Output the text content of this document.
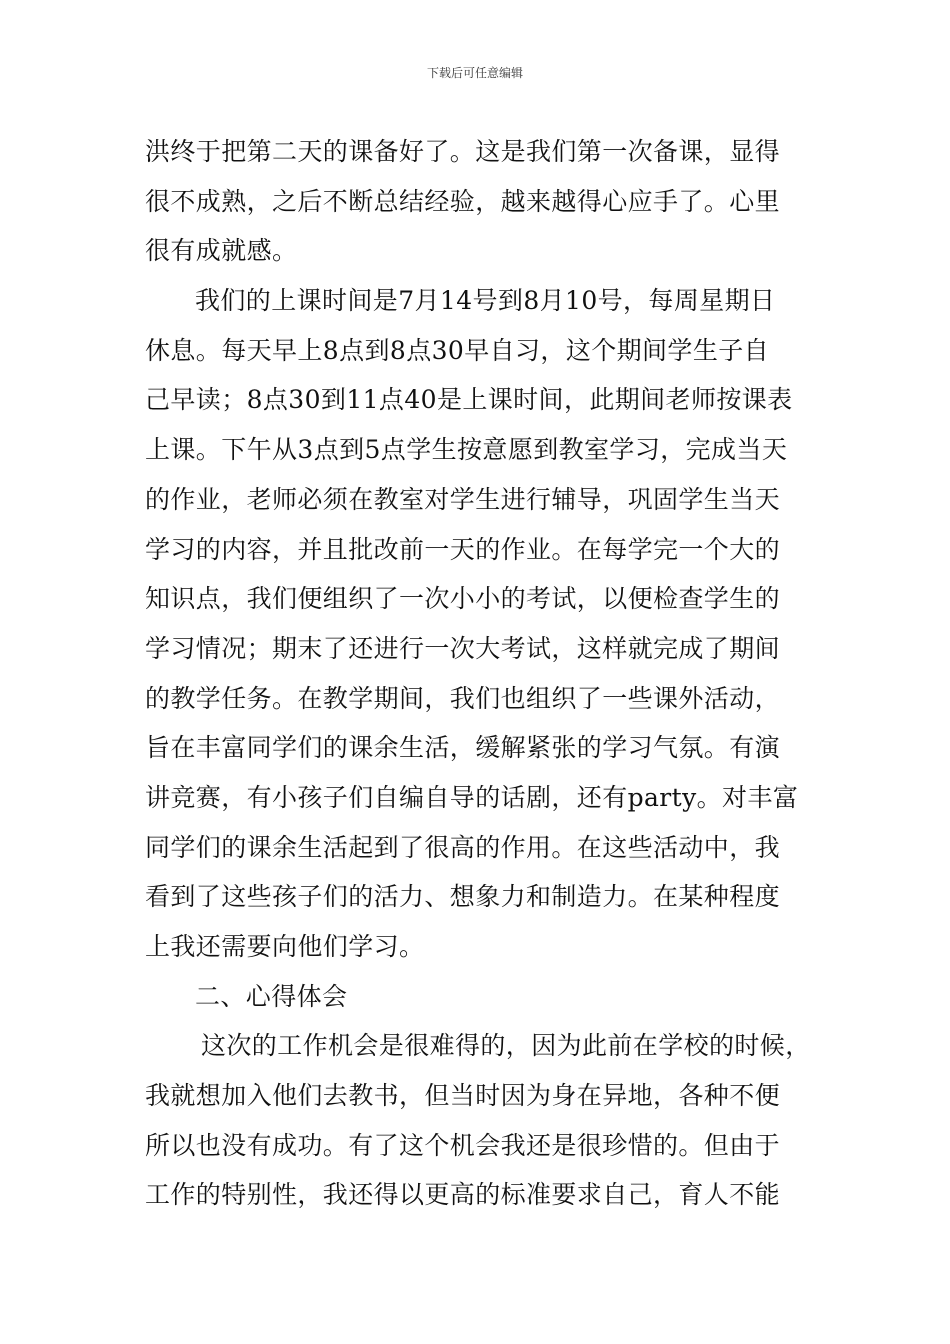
下载后可任意编辑
洪终于把第二天的课备好了。这是我们第一次备课，显得
很不成熟，之后不断总结经验，越来越得心应手了。心里
很有成就感。
我们的上课时间是7月14号到8月10号，每周星期日
休息。每天早上8点到8点30早自习，这个期间学生子自
己早读；8点30到11点40是上课时间，此期间老师按课表
上课。下午从3点到5点学生按意愿到教室学习，完成当天
的作业，老师必须在教室对学生进行辅导，巩固学生当天
学习的内容，并且批改前一天的作业。在每学完一个大的
知识点，我们便组织了一次小小的考试，以便检查学生的
学习情况；期末了还进行一次大考试，这样就完成了期间
的教学任务。在教学期间，我们也组织了一些课外活动，
旨在丰富同学们的课余生活，缓解紧张的学习气氛。有演
讲竞赛，有小孩子们自编自导的话剧，还有party。对丰富
同学们的课余生活起到了很高的作用。在这些活动中，我
看到了这些孩子们的活力、想象力和制造力。在某种程度
上我还需要向他们学习。
二、心得体会
这次的工作机会是很难得的，因为此前在学校的时候，
我就想加入他们去教书，但当时因为身在异地，各种不便
所以也没有成功。有了这个机会我还是很珍惜的。但由于
工作的特别性，我还得以更高的标准要求自己，育人不能
